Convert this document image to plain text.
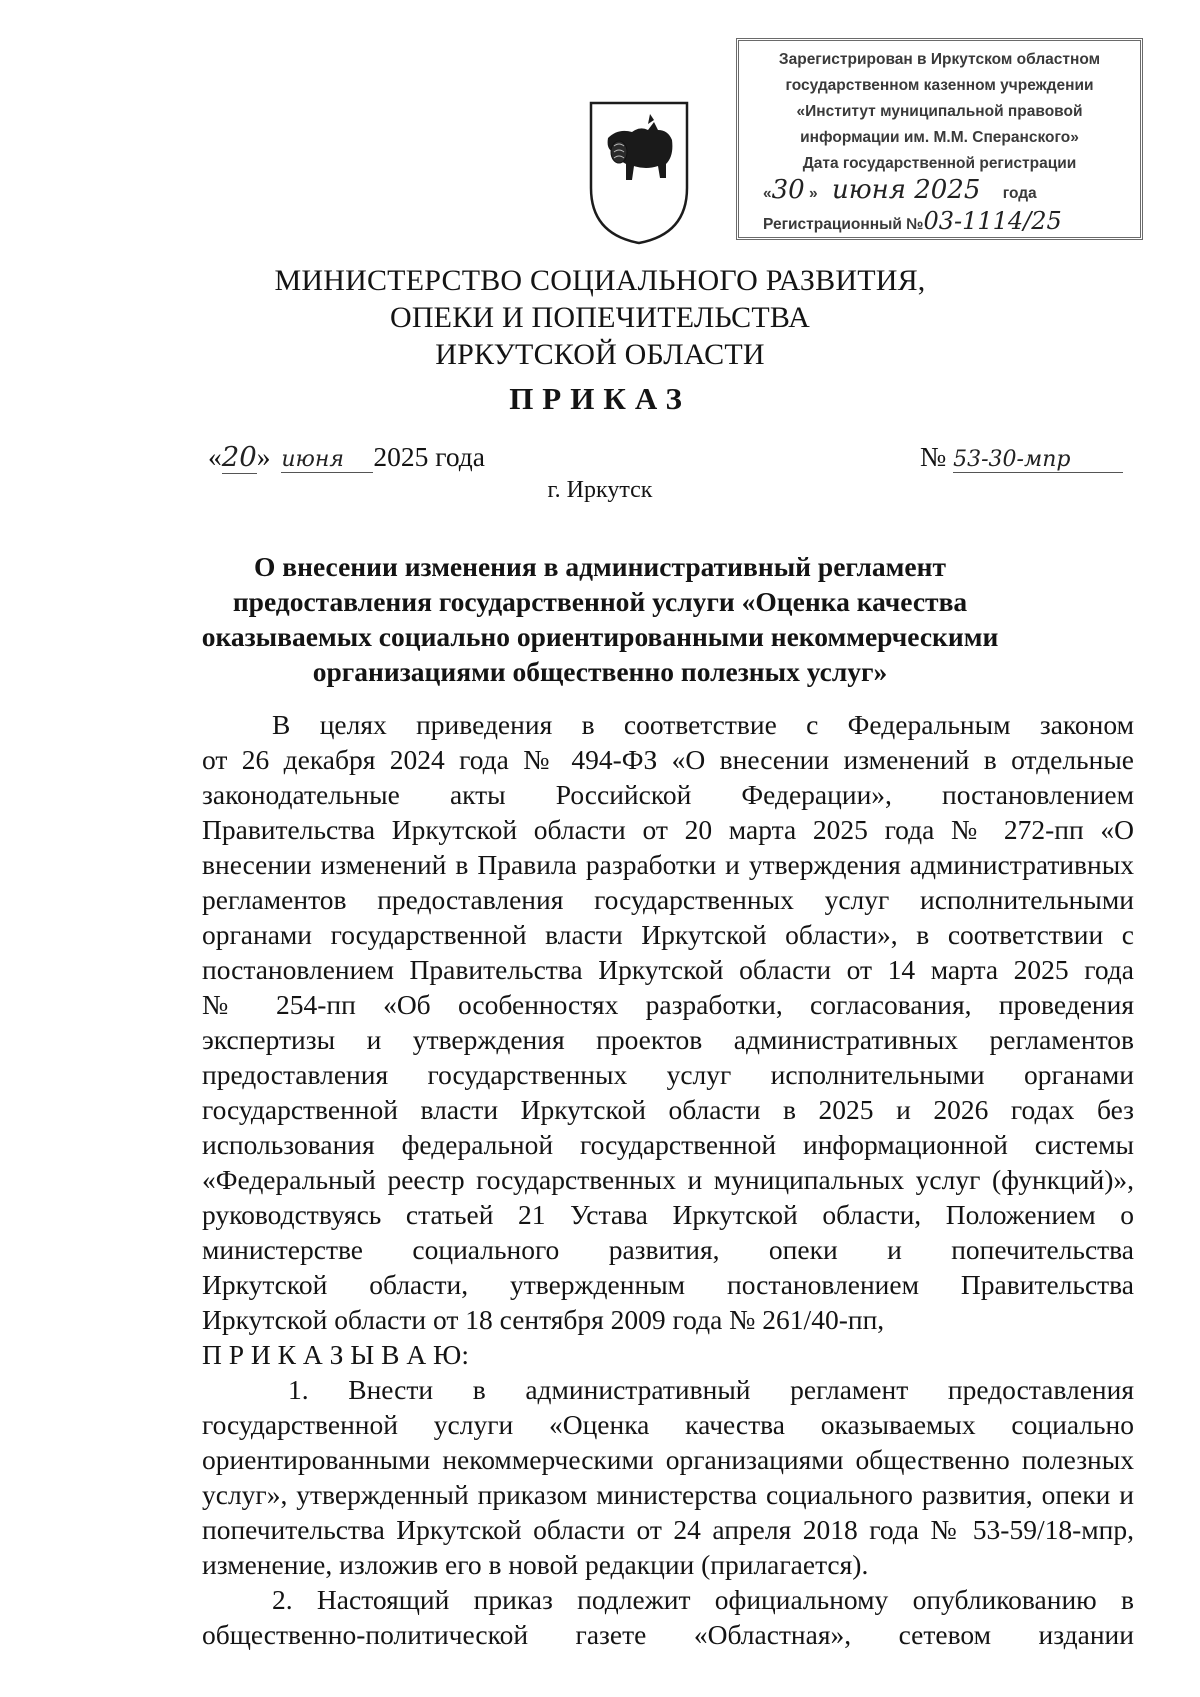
Зарегистрирован в Иркутском областном
государственном казенном учреждении
«Институт муниципальной правовой
информации им. М.М. Сперанского»
Дата государственной регистрации
«30 » июня 2025 года
Регистрационный №03-1114/25
МИНИСТЕРСТВО СОЦИАЛЬНОГО РАЗВИТИЯ,
ОПЕКИ И ПОПЕЧИТЕЛЬСТВА
ИРКУТСКОЙ ОБЛАСТИ
ПРИКАЗ
«20» июня 2025 года	№ 53-30-мпр
г. Иркутск
О внесении изменения в административный регламент
предоставления государственной услуги «Оценка качества
оказываемых социально ориентированными некоммерческими
организациями общественно полезных услуг»
В целях приведения в соответствие с Федеральным законом
от 26 декабря 2024 года № 494-ФЗ «О внесении изменений в отдельные
законодательные акты Российской Федерации», постановлением
Правительства Иркутской области от 20 марта 2025 года № 272-пп «О
внесении изменений в Правила разработки и утверждения административных
регламентов предоставления государственных услуг исполнительными
органами государственной власти Иркутской области», в соответствии с
постановлением Правительства Иркутской области от 14 марта 2025 года
№ 254-пп «Об особенностях разработки, согласования, проведения
экспертизы и утверждения проектов административных регламентов
предоставления государственных услуг исполнительными органами
государственной власти Иркутской области в 2025 и 2026 годах без
использования федеральной государственной информационной системы
«Федеральный реестр государственных и муниципальных услуг (функций)»,
руководствуясь статьей 21 Устава Иркутской области, Положением о
министерстве социального развития, опеки и попечительства
Иркутской области, утвержденным постановлением Правительства
Иркутской области от 18 сентября 2009 года № 261/40-пп,
П Р И К А З Ы В А Ю:
1. Внести в административный регламент предоставления
государственной услуги «Оценка качества оказываемых социально
ориентированными некоммерческими организациями общественно полезных
услуг», утвержденный приказом министерства социального развития, опеки и
попечительства Иркутской области от 24 апреля 2018 года № 53-59/18-мпр,
изменение, изложив его в новой редакции (прилагается).
2. Настоящий приказ подлежит официальному опубликованию в
общественно-политической газете «Областная», сетевом издании
